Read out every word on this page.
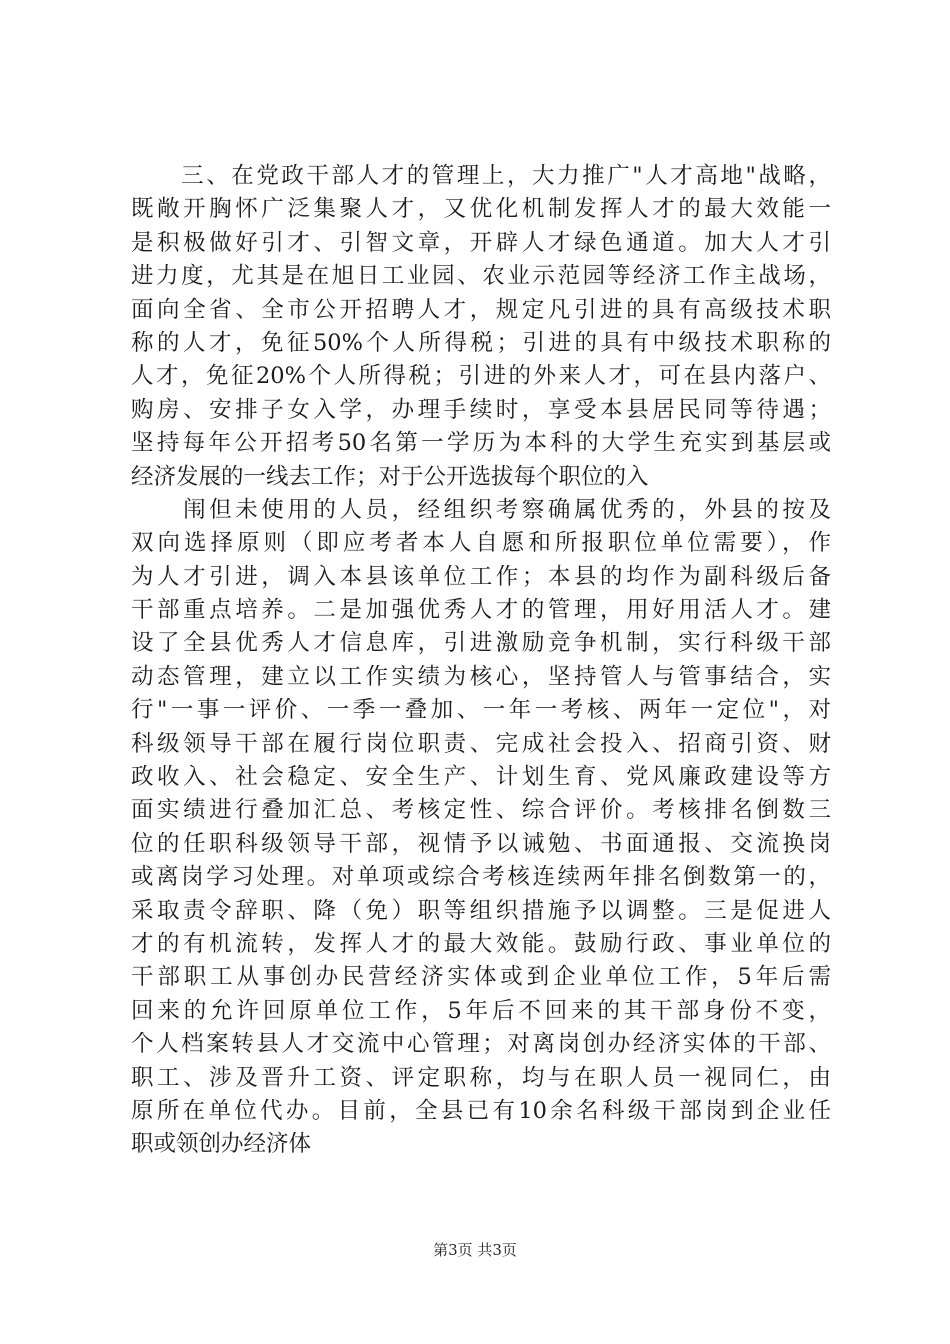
　　三、在党政干部人才的管理上，大力推广"人才高地"战略，
既敞开胸怀广泛集聚人才，又优化机制发挥人才的最大效能一
是积极做好引才、引智文章，开辟人才绿色通道。加大人才引
进力度，尤其是在旭日工业园、农业示范园等经济工作主战场，
面向全省、全市公开招聘人才，规定凡引进的具有高级技术职
称的人才，免征50%个人所得税；引进的具有中级技术职称的
人才，免征20%个人所得税；引进的外来人才，可在县内落户、
购房、安排子女入学，办理手续时，享受本县居民同等待遇；
坚持每年公开招考50名第一学历为本科的大学生充实到基层或
经济发展的一线去工作；对于公开选拔每个职位的入
　　闱但未使用的人员，经组织考察确属优秀的，外县的按及
双向选择原则（即应考者本人自愿和所报职位单位需要），作
为人才引进，调入本县该单位工作；本县的均作为副科级后备
干部重点培养。二是加强优秀人才的管理，用好用活人才。建
设了全县优秀人才信息库，引进激励竞争机制，实行科级干部
动态管理，建立以工作实绩为核心，坚持管人与管事结合，实
行"一事一评价、一季一叠加、一年一考核、两年一定位"，对
科级领导干部在履行岗位职责、完成社会投入、招商引资、财
政收入、社会稳定、安全生产、计划生育、党风廉政建设等方
面实绩进行叠加汇总、考核定性、综合评价。考核排名倒数三
位的任职科级领导干部，视情予以诫勉、书面通报、交流换岗
或离岗学习处理。对单项或综合考核连续两年排名倒数第一的，
采取责令辞职、降（免）职等组织措施予以调整。三是促进人
才的有机流转，发挥人才的最大效能。鼓励行政、事业单位的
干部职工从事创办民营经济实体或到企业单位工作，5年后需
回来的允许回原单位工作，5年后不回来的其干部身份不变，
个人档案转县人才交流中心管理；对离岗创办经济实体的干部、
职工、涉及晋升工资、评定职称，均与在职人员一视同仁，由
原所在单位代办。目前，全县已有10余名科级干部岗到企业任
职或领创办经济体
第3页 共3页
